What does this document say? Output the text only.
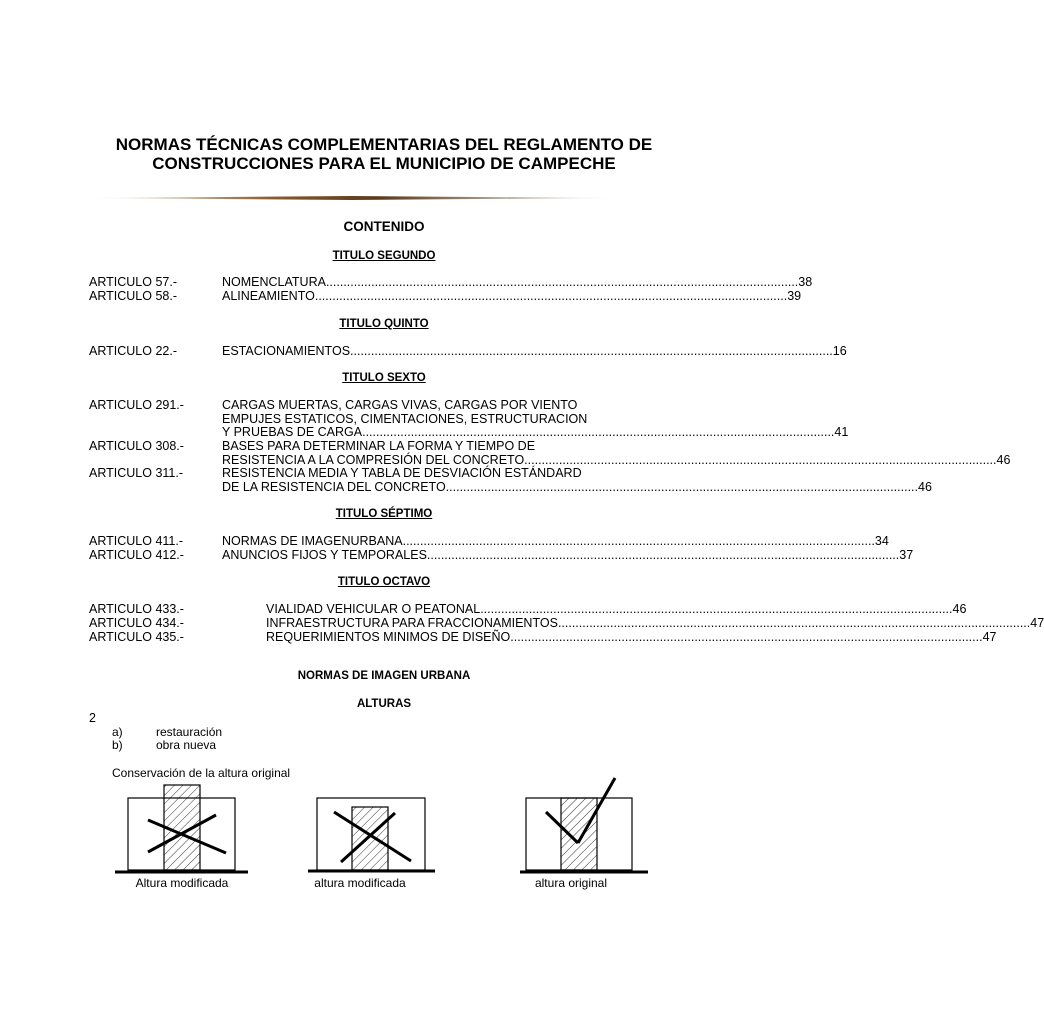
NORMAS TÉCNICAS COMPLEMENTARIAS DEL REGLAMENTO DE
CONSTRUCCIONES PARA EL MUNICIPIO DE CAMPECHE
CONTENIDO
TITULO SEGUNDO
ARTICULO 57.-	NOMENCLATURA ........................................................................................................................................ 38
ARTICULO 58.-	ALINEAMIENTO ........................................................................................................................................ 39
TITULO QUINTO
ARTICULO 22.-	ESTACIONAMIENTOS ........................................................................................................................................ ...16
TITULO SEXTO
ARTICULO 291.-	CARGAS MUERTAS, CARGAS VIVAS, CARGAS POR VIENTO
EMPUJES ESTATICOS, CIMENTACIONES, ESTRUCTURACION
Y PRUEBAS DE CARGA ........................................................................................................................................ 41
ARTICULO 308.-	BASES PARA DETERMINAR LA FORMA Y TIEMPO DE
RESISTENCIA A LA COMPRESIÓN DEL CONCRETO ........................................................................................................................................ 46
ARTICULO 311.-	RESISTENCIA MEDIA Y TABLA DE DESVIACIÓN ESTÁNDARD
DE LA RESISTENCIA DEL CONCRETO ........................................................................................................................................ 46
TITULO SÉPTIMO
ARTICULO 411.-	NORMAS DE IMAGENURBANA ........................................................................................................................................ 34
ARTICULO 412.-	ANUNCIOS FIJOS Y TEMPORALES ........................................................................................................................................ 37
TITULO OCTAVO
ARTICULO 433.-	VIALIDAD VEHICULAR O PEATONAL ........................................................................................................................................ 46
ARTICULO 434.-	INFRAESTRUCTURA PARA FRACCIONAMIENTOS ........................................................................................................................................ 47
ARTICULO 435.-	REQUERIMIENTOS MINIMOS DE DISEÑO ........................................................................................................................................ 47
NORMAS DE IMAGEN URBANA
ALTURAS
2
a)	restauración
b)	obra nueva
Conservación de la altura original
Altura modificada	altura modificada	altura original
